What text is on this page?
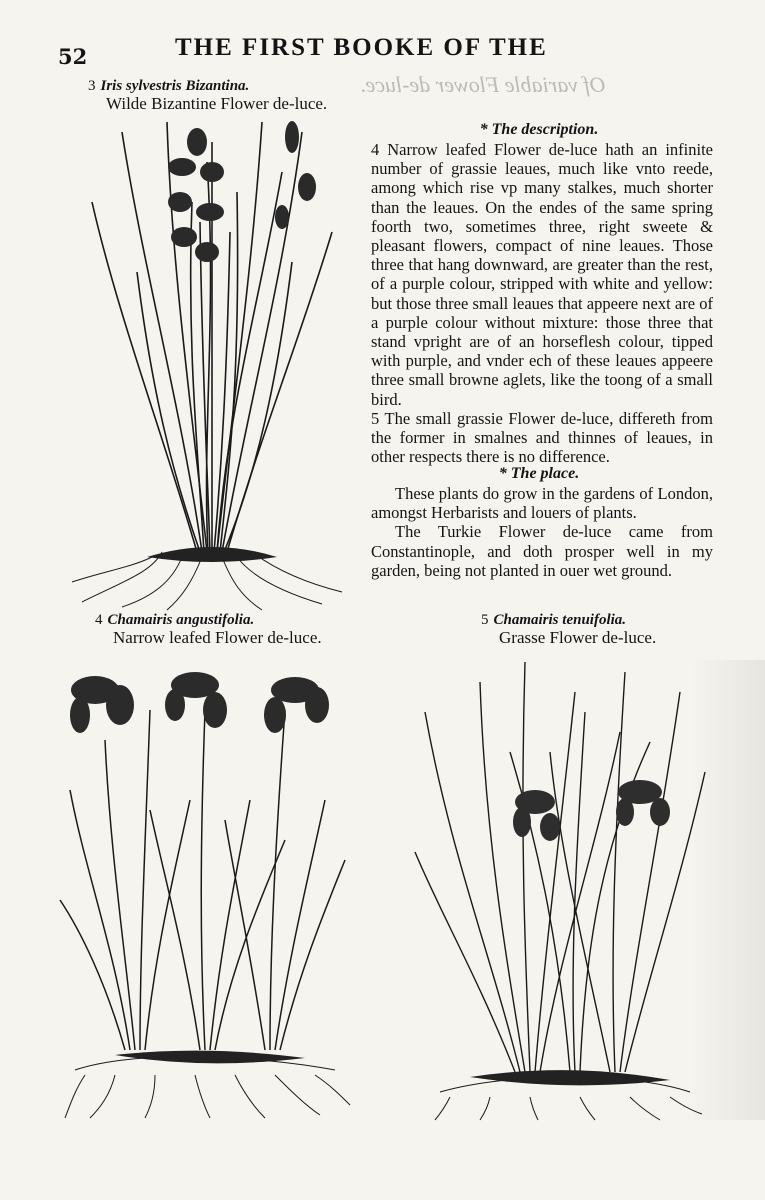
Of variable Flower de-luce.
52	THE FIRST BOOKE OF THE
3 Iris sylvestris Bizantina.
Wilde Bizantine Flower de-luce.
* The description.

4 Narrow leafed Flower de-luce hath an infinite number of grassie leaues, much like vnto reede, among which rise vp many stalkes, much shorter than the leaues. On the endes of the same spring foorth two, sometimes three, right sweete & pleasant flowers, compact of nine leaues. Those three that hang downward, are greater than the rest, of a purple colour, stripped with white and yellow: but those three small leaues that appeere next are of a purple colour without mixture: those three that stand vpright are of an horseflesh colour, tipped with purple, and vnder ech of these leaues appeere three small browne aglets, like the toong of a small bird.

5 The small grassie Flower de-luce, differeth from the former in smalnes and thinnes of leaues, in other respects there is no difference.

* The place.

These plants do grow in the gardens of London, amongst Herbarists and louers of plants.

The Turkie Flower de-luce came from Constantinople, and doth prosper well in my garden, being not planted in ouer wet ground.

4 Chamairis angustifolia.
Narrow leafed Flower de-luce.
5 Chamairis tenuifolia.
Grasse Flower de-luce.
